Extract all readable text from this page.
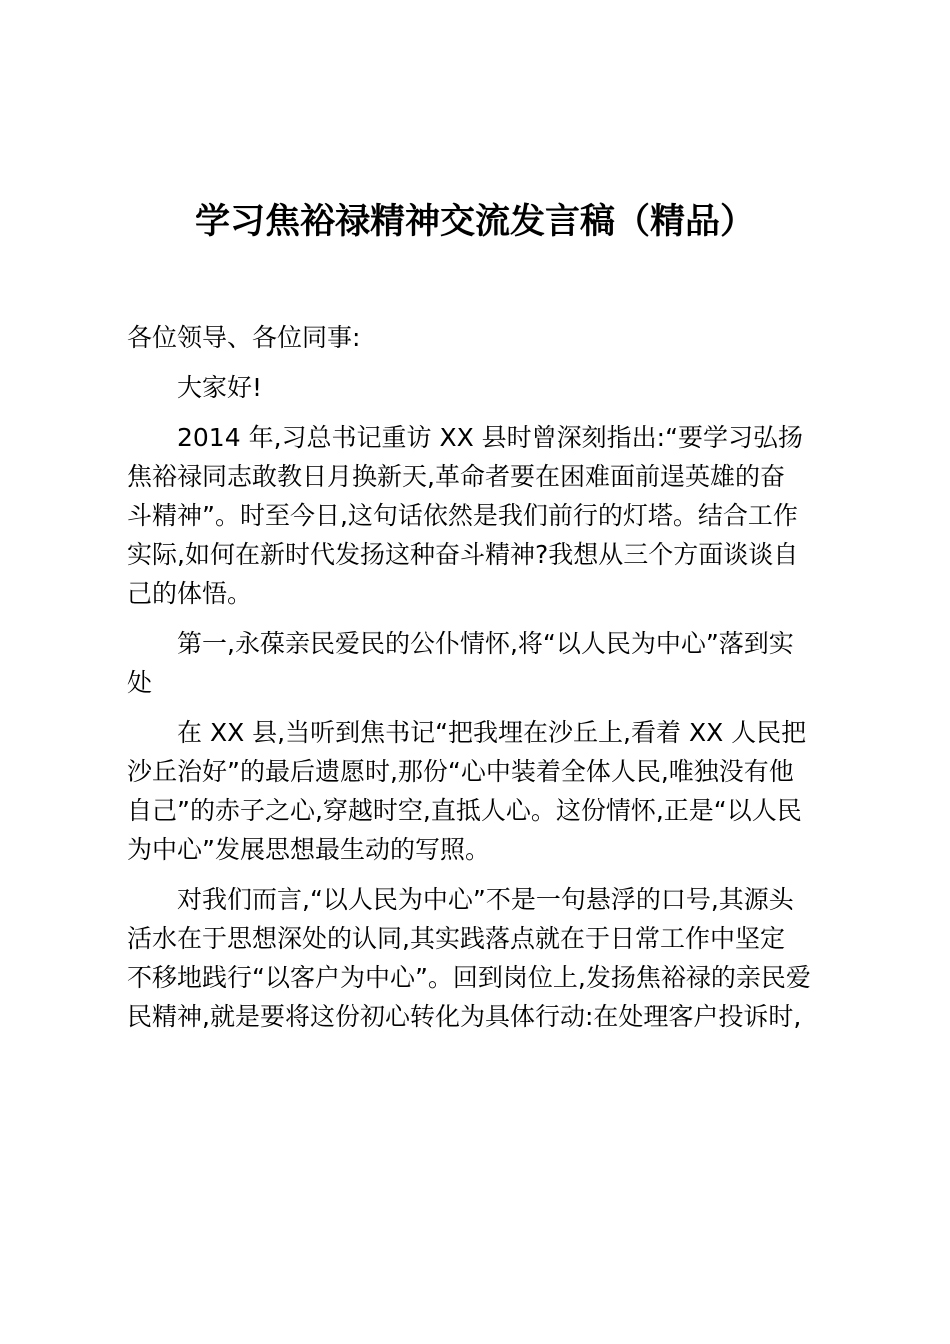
学习焦裕禄精神交流发言稿（精品）

各位领导、各位同事:

大家好!

2014 年,习总书记重访 XX 县时曾深刻指出:“要学习弘扬
焦裕禄同志敢教日月换新天,革命者要在困难面前逞英雄的奋
斗精神”。时至今日,这句话依然是我们前行的灯塔。结合工作
实际,如何在新时代发扬这种奋斗精神?我想从三个方面谈谈自
己的体悟。

第一,永葆亲民爱民的公仆情怀,将“以人民为中心”落到实
处

在 XX 县,当听到焦书记“把我埋在沙丘上,看着 XX 人民把
沙丘治好”的最后遗愿时,那份“心中装着全体人民,唯独没有他
自己”的赤子之心,穿越时空,直抵人心。这份情怀,正是“以人民
为中心”发展思想最生动的写照。

对我们而言,“以人民为中心”不是一句悬浮的口号,其源头
活水在于思想深处的认同,其实践落点就在于日常工作中坚定
不移地践行“以客户为中心”。回到岗位上,发扬焦裕禄的亲民爱
民精神,就是要将这份初心转化为具体行动:在处理客户投诉时,
